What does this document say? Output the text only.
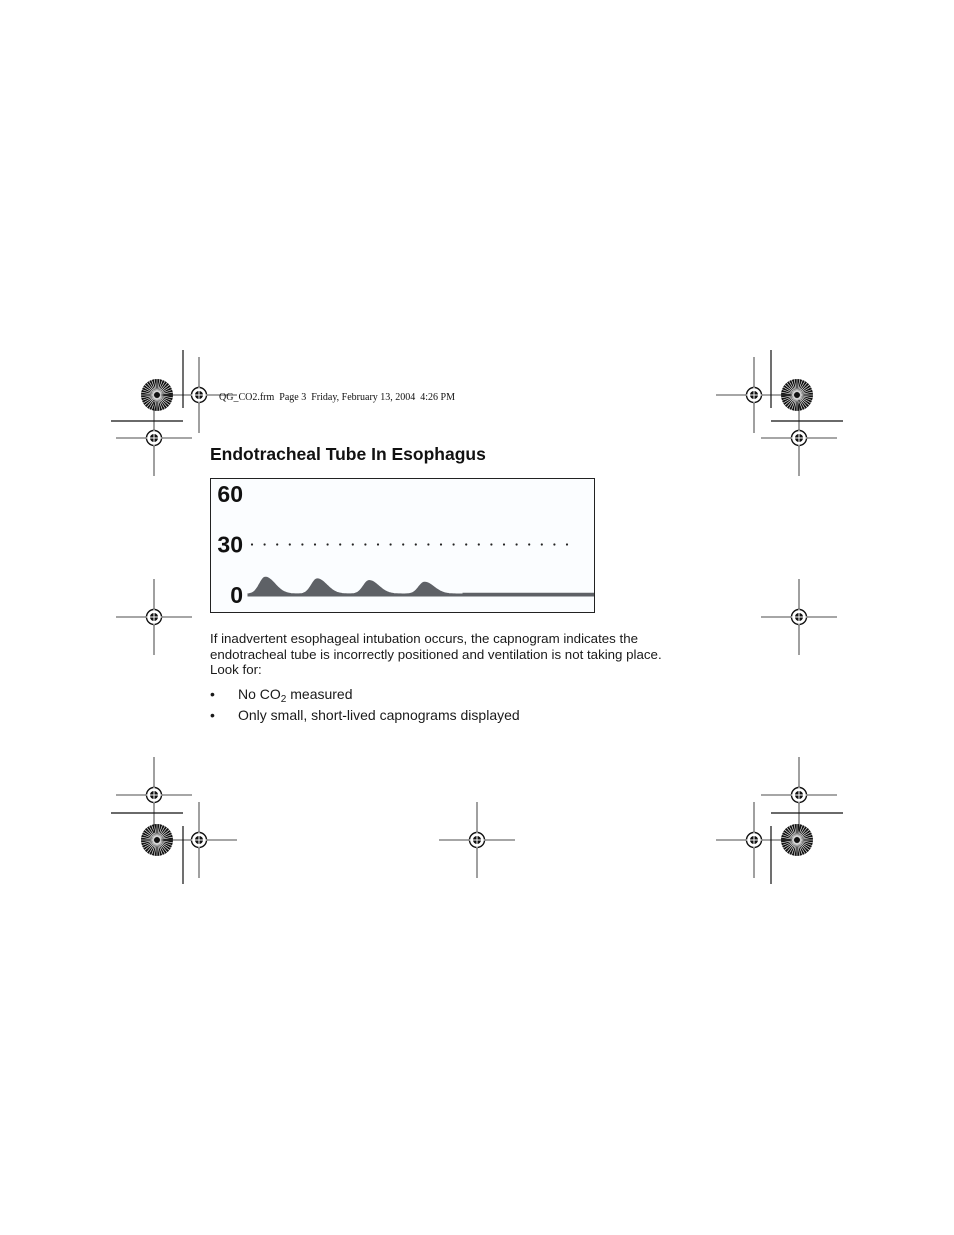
QG_CO2.frm  Page 3  Friday, February 13, 2004  4:26 PM
Endotracheal Tube In Esophagus
60
30
0

If inadvertent esophageal intubation occurs, the capnogram indicates the

endotracheal tube is incorrectly positioned and ventilation is not taking place.

Look for:

• No $CO_2$ measured
• Only small, short-lived capnograms displayed
